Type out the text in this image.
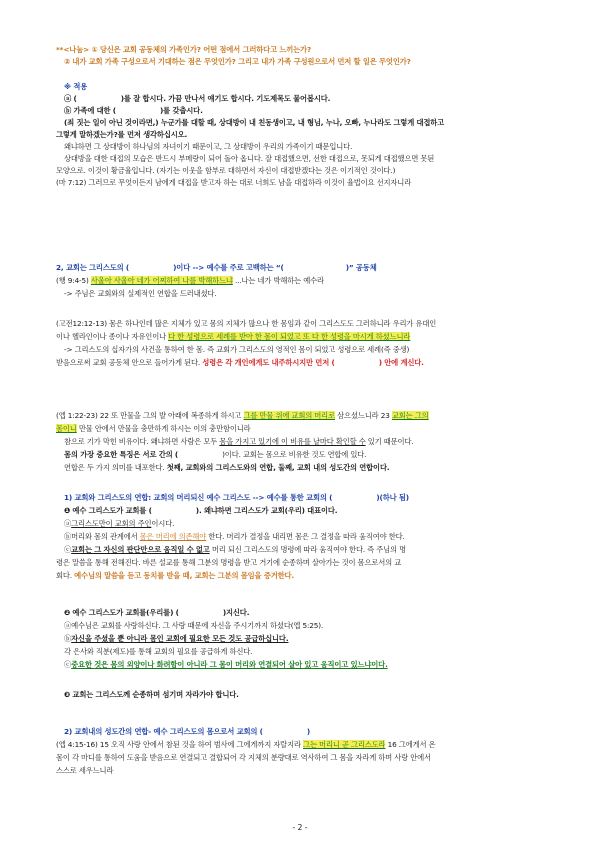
**<나눔> ① 당신은 교회 공동체의 가족인가? 어떤 점에서 그러하다고 느끼는가?
② 내가 교회 가족 구성으로서 기대하는 점은 무엇인가? 그리고 내가 가족 구성원으로서 먼저 할 일은 무엇인가?
※ 적용
ⓐ (	)를 잘 합시다. 가끔 만나서 얘기도 합시다. 기도제목도 물어봅시다.
ⓑ 가족에 대한 (	)를 갖춥시다.
(죄 짓는 일이 아닌 것이라면,) 누군가를 대할 때, 상대방이 내 친동생이고, 내 형님, 누나, 오빠, 누나라도 그렇게 대접하고
그렇게 말하겠는가?를 먼저 생각하십시오.
왜냐하면 그 상대방이 하나님의 자녀이기 때문이고, 그 상대방이 우리의 가족이기 때문입니다.
상대방을 대한 대접의 모습은 반드시 부메랑이 되어 돌아 옵니다. 잘 대접했으면, 선한 대접으로, 못되게 대접했으면 못된
모양으로. 이것이 황금율입니다. (자기는 이웃을 함부로 대하면서 자신이 대접받겠다는 것은 이기적인 것이다.)
(마 7:12) 그러므로 무엇이든지 남에게 대접을 받고자 하는 대로 너희도 남을 대접하라 이것이 율법이요 선지자니라
2, 교회는 그리스도의 (	)이다 --> 예수를 주로 고백하는 “(	)” 공동체
(행 9:4-5) 사울아 사울아 네가 어찌하여 나를 박해하느냐 ...나는 네가 박해하는 예수라
-> 주님은 교회와의 실제적인 연합을 드러내셨다.
(고전12:12-13) 몸은 하나인데 많은 지체가 있고 몸의 지체가 많으나 한 몸임과 같이 그리스도도 그러하니라 우리가 유대인
이나 헬라인이나 종이나 자유인이나 다 한 성령으로 세례를 받아 한 몸이 되었고 또 다 한 성령을 마시게 하셨느니라
-> 그리스도의 십자가의 사건을 통하여 한 몸. 즉 교회가 그리스도의 영적인 몸이 되었고 성령으로 세례(즉 중생)
받음으로써 교회 공동체 안으로 들어가게 된다. 성령은 각 개인에게도 내주하시지만 먼저 (	) 안에 계신다.
(엡 1:22-23) 22 또 만물을 그의 발 아래에 복종하게 하시고 그를 만물 위에 교회의 머리로 삼으셨느니라 23 교회는 그의
몸이니 만물 안에서 만물을 충만하게 하시는 이의 충만함이니라
참으로 기가 막힌 비유이다. 왜냐하면 사람은 모두 몸을 가지고 있기에 이 비유를 날마다 확인할 수 있기 때문이다.
몸의 가장 중요한 특징은 서로 간의 (	)이다. 교회는 몸으로 비유한 것도 연합에 있다.
연합은 두 가지 의미를 내포한다. 첫째, 교회와의 그리스도와의 연합, 둘째, 교회 내의 성도간의 연합이다.
1) 교회와 그리스도의 연합: 교회의 머리되신 예수 그리스도 --> 예수를 통한 교회의 (	)(하나 됨)
❶ 예수 그리스도가 교회를 (	). 왜냐하면 그리스도가 교회(우리) 대표이다.
ⓐ그리스도만이 교회의 주인이시다.
ⓑ머리와 몸의 관계에서 몸은 머리에 의존해야 한다. 머리가 결정을 내리면 몸은 그 결정을 따라 움직여야 한다.
ⓒ교회는 그 자신의 판단만으로 움직일 수 없고 머리 되신 그리스도의 명령에 따라 움직여야 한다. 즉 주님의 명
령은 말씀을 통해 전해진다. 바른 설교를 통해 그분의 명령을 받고 거기에 순종하며 살아가는 것이 몸으로서의 교
회다. 예수님의 말씀을 듣고 동치를 받을 때, 교회는 그분의 몸임을 증거한다.
❷ 예수 그리스도가 교회를(우리를) (	)지신다.
ⓐ예수님은 교회를 사랑하신다. 그 사랑 때문에 자신을 주시기까지 하셨다(엡 5:25).
ⓑ자신을 주셨을 뿐 아니라 몸인 교회에 필요한 모든 것도 공급하십니다.
각 은사와 직분(제도)를 통해 교회의 필요를 공급하게 하신다.
ⓒ중요한 것은 몸의 외양이나 화려함이 아니라 그 몸이 머리와 연결되어 살아 있고 움직이고 있느냐이다.
❸ 교회는 그리스도께 순종하며 섬기며 자라가야 합니다.
2) 교회내의 성도간의 연합- 예수 그리스도의 몸으로서 교회의 (	)
(엡 4:15-16) 15 오직 사랑 안에서 참된 것을 하여 범사에 그에게까지 자랄지라 그는 머리니 곧 그리스도라 16 그에게서 온
몸이 각 마디를 통하여 도움을 받음으로 연결되고 결합되어 각 지체의 분량대로 역사하여 그 몸을 자라게 하며 사랑 안에서
스스로 세우느니라
- 2 -
